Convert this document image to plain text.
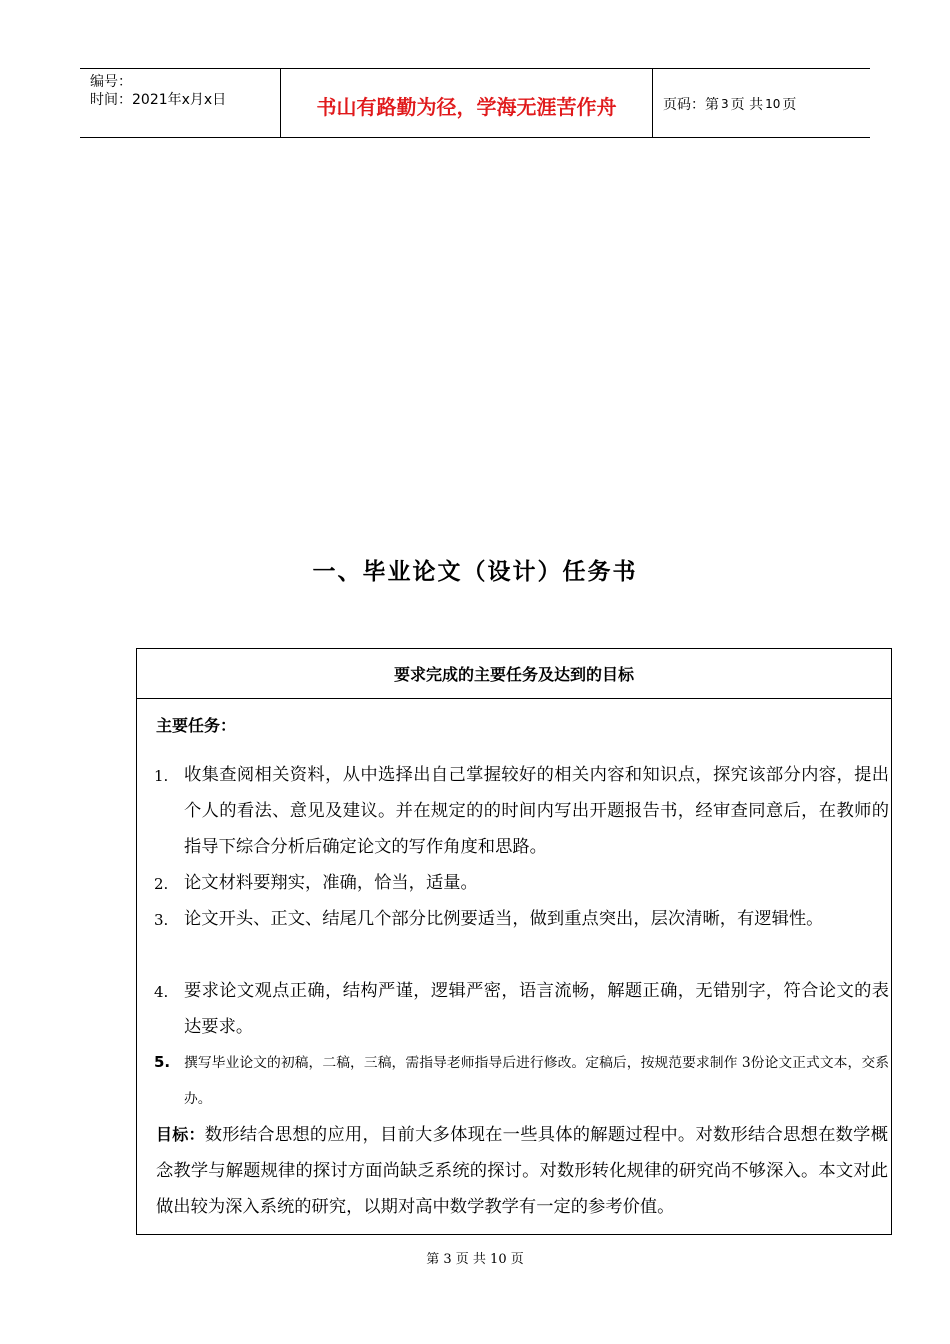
编号：
时间：2021年x月x日	书山有路勤为径，学海无涯苦作舟	页码：第 3 页 共 10 页
一、毕业论文（设计）任务书
要求完成的主要任务及达到的目标
主要任务：
1. 收集查阅相关资料，从中选择出自己掌握较好的相关内容和知识点，探究该部分内容，提出个人的看法、意见及建议。并在规定的的时间内写出开题报告书，经审查同意后，在教师的指导下综合分析后确定论文的写作角度和思路。
2. 论文材料要翔实，准确，恰当，适量。
3. 论文开头、正文、结尾几个部分比例要适当，做到重点突出，层次清晰，有逻辑性。
4. 要求论文观点正确，结构严谨，逻辑严密，语言流畅，解题正确，无错别字，符合论文的表达要求。
5. 撰写毕业论文的初稿，二稿，三稿，需指导老师指导后进行修改。定稿后，按规范要求制作 3份论文正式文本，交系办。
目标：数形结合思想的应用，目前大多体现在一些具体的解题过程中。对数形结合思想在数学概念教学与解题规律的探讨方面尚缺乏系统的探讨。对数形转化规律的研究尚不够深入。本文对此做出较为深入系统的研究，以期对高中数学教学有一定的参考价值。
第 3 页 共 10 页
